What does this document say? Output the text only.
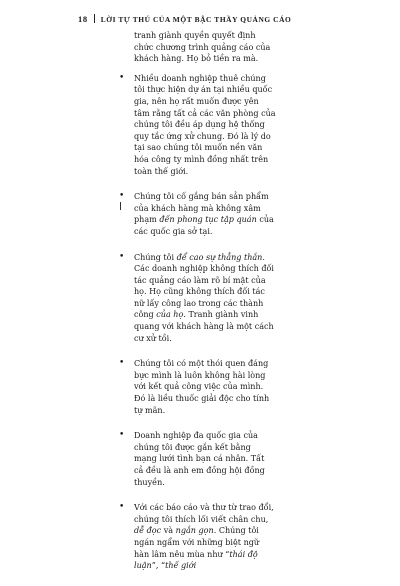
18 LỜI TỰ THÚ CỦA MỘT BẬC THẦY QUẢNG CÁO

tranh giành quyền quyết định chức chương trình quảng cáo của khách hàng. Họ bỏ tiền ra mà.

• Nhiều doanh nghiệp thuê chúng tôi thực hiện dự án tại nhiều quốc gia, nên họ rất muốn được yên tâm rằng tất cả các văn phòng của chúng tôi đều áp dụng hệ thống quy tắc ứng xử chung. Đó là lý do tại sao chúng tôi muốn nền văn hóa công ty mình đồng nhất trên toàn thế giới.

• Chúng tôi cố gắng bán sản phẩm của khách hàng mà không xâm phạm đến phong tục tập quán của các quốc gia sở tại.

• Chúng tôi để cao sự thẳng thắn. Các doanh nghiệp không thích đối tác quảng cáo làm rõ bí mật của họ. Họ cũng không thích đối tác nữ lấy công lao trong các thành công của họ. Tranh giành vinh quang với khách hàng là một cách cư xử tồi.

• Chúng tôi có một thói quen đáng bực mình là luôn không hài lòng với kết quả công việc của mình. Đó là liều thuốc giải độc cho tính tự mãn.

• Doanh nghiệp đa quốc gia của chúng tôi được gắn kết bằng mạng lưới tình bạn cá nhân. Tất cả đều là anh em đồng hội đồng thuyền.

• Với các báo cáo và thư từ trao đổi, chúng tôi thích lối viết chân chu, dễ đọc và ngắn gọn. Chúng tôi ngán ngẩm với những biệt ngữ hàn lâm nêu mùa như “thái độ luận”, “thế giới
